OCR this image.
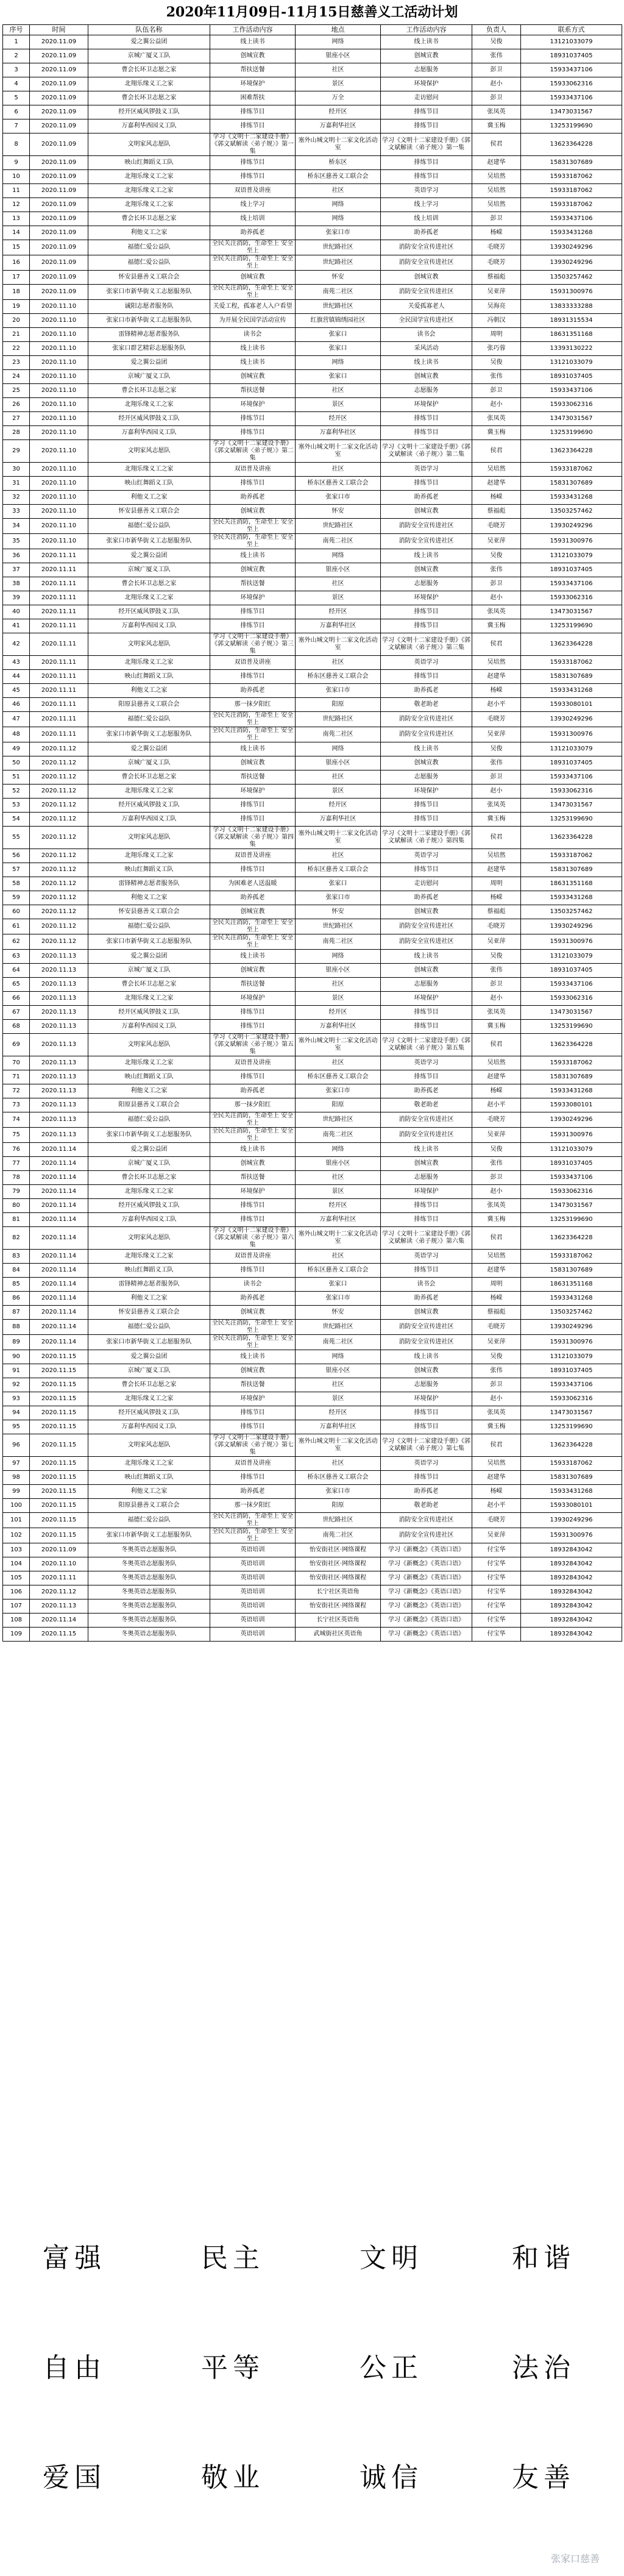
2020年11月09日-11月15日慈善义工活动计划
序号	时间	队伍名称	工作活动内容	地点	工作活动内容	负责人	联系方式
1	2020.11.09	爱之翼公益团	线上读书	网络	线上读书	吴俊	13121033079
2	2020.11.09	京城广厦义工队	创城宣教	银座小区	创城宣教	张伟	18931037405
3	2020.11.09	曹会长环卫志愿之家	帮扶送餐	社区	志愿服务	彭卫	15933437106
4	2020.11.09	北翔乐缘义工之家	环境保护	景区	环境保护	赵小	15933062316
5	2020.11.09	曹会长环卫志愿之家	困难帮扶	万全	走访慰问	彭卫	15933437106
6	2020.11.09	经开区威风锣鼓义工队	排练节目	经开区	排练节目	张凤英	13473031567
7	2020.11.09	万嘉利华西园义工队	排练节目	万嘉利华社区	排练节目	冀玉梅	13253199690
8	2020.11.09	文明家风志愿队	学习《文明十二家建设手册》《郭文斌解读〈弟子规〉》第一集	塞外山城文明十二家文化活动室	学习《文明十二家建设手册》《郭文斌解读〈弟子规〉》第一集	侯君	13623364228
9	2020.11.09	映山红舞蹈义工队	排练节目	桥东区	排练节目	赵建华	15831307689
10	2020.11.09	北翔乐缘义工之家	排练节目	桥东区慈善义工联合会	排练节目	吴培然	15933187062
11	2020.11.09	北翔乐缘义工之家	双语普及讲座	社区	英语学习	吴培然	15933187062
12	2020.11.09	北翔乐缘义工之家	线上学习	网络	线上学习	吴培然	15933187062
13	2020.11.09	曹会长环卫志愿之家	线上培训	网络	线上培训	彭卫	15933437106
14	2020.11.09	利他义工之家	助养孤老	张家口市	助养孤老	杨嵘	15933431268
15	2020.11.09	福德仁爱公益队	全民关注消防，生命至上 安全至上	世纪路社区	消防安全宣传进社区	毛晓芳	13930249296
16	2020.11.09	福德仁爱公益队	全民关注消防，生命至上 安全至上	世纪路社区	消防安全宣传进社区	毛晓芳	13930249296
17	2020.11.09	怀安县慈善义工联合会	创城宣教	怀安	创城宣教	蔡福彪	13503257462
18	2020.11.09	张家口市新华街义工志愿服务队	全民关注消防，生命至上 安全至上	南苑二社区	消防安全宣传进社区	吴亚萍	15931300976
19	2020.11.10	诚阳志愿者服务队	关爱工程，孤寡老人入户看望	世纪路社区	关爱孤寡老人	吴海亮	13833333288
20	2020.11.10	张家口市新华街义工志愿服务队	为开展全民国学活动宣传	红旗营镇锦绣园社区	全民国学宣传进社区	冯朝汉	18931315534
21	2020.11.10	雷锋精神志愿者服务队	读书会	张家口	读书会	周明	18631351168
22	2020.11.10	张家口群艺精彩志愿服务队	线上读书	张家口	采风活动	张巧蓉	13393130222
23	2020.11.10	爱之翼公益团	线上读书	网络	线上读书	吴俊	13121033079
24	2020.11.10	京城广厦义工队	创城宣教	张家口	创城宣教	张伟	18931037405
25	2020.11.10	曹会长环卫志愿之家	帮扶送餐	社区	志愿服务	彭卫	15933437106
26	2020.11.10	北翔乐缘义工之家	环境保护	景区	环境保护	赵小	15933062316
27	2020.11.10	经开区威风锣鼓义工队	排练节目	经开区	排练节目	张凤英	13473031567
28	2020.11.10	万嘉利华西园义工队	排练节目	万嘉利华社区	排练节目	冀玉梅	13253199690
29	2020.11.10	文明家风志愿队	学习《文明十二家建设手册》《郭文斌解读〈弟子规〉》第二集	塞外山城文明十二家文化活动室	学习《文明十二家建设手册》《郭文斌解读〈弟子规〉》第二集	侯君	13623364228
30	2020.11.10	北翔乐缘义工之家	双语普及讲座	社区	英语学习	吴培然	15933187062
31	2020.11.10	映山红舞蹈义工队	排练节目	桥东区慈善义工联合会	排练节目	赵建华	15831307689
32	2020.11.10	利他义工之家	助养孤老	张家口市	助养孤老	杨嵘	15933431268
33	2020.11.10	怀安县慈善义工联合会	创城宣教	怀安	创城宣教	蔡福彪	13503257462
34	2020.11.10	福德仁爱公益队	全民关注消防，生命至上 安全至上	世纪路社区	消防安全宣传进社区	毛晓芳	13930249296
35	2020.11.10	张家口市新华街义工志愿服务队	全民关注消防，生命至上 安全至上	南苑二社区	消防安全宣传进社区	吴亚萍	15931300976
36	2020.11.11	爱之翼公益团	线上读书	网络	线上读书	吴俊	13121033079
37	2020.11.11	京城广厦义工队	创城宣教	银座小区	创城宣教	张伟	18931037405
38	2020.11.11	曹会长环卫志愿之家	帮扶送餐	社区	志愿服务	彭卫	15933437106
39	2020.11.11	北翔乐缘义工之家	环境保护	景区	环境保护	赵小	15933062316
40	2020.11.11	经开区威风锣鼓义工队	排练节目	经开区	排练节目	张凤英	13473031567
41	2020.11.11	万嘉利华西园义工队	排练节目	万嘉利华社区	排练节目	冀玉梅	13253199690
42	2020.11.11	文明家风志愿队	学习《文明十二家建设手册》《郭文斌解读〈弟子规〉》第三集	塞外山城文明十二家文化活动室	学习《文明十二家建设手册》《郭文斌解读〈弟子规〉》第三集	侯君	13623364228
43	2020.11.11	北翔乐缘义工之家	双语普及讲座	社区	英语学习	吴培然	15933187062
44	2020.11.11	映山红舞蹈义工队	排练节目	桥东区慈善义工联合会	排练节目	赵建华	15831307689
45	2020.11.11	利他义工之家	助养孤老	张家口市	助养孤老	杨嵘	15933431268
46	2020.11.11	阳原县慈善义工联合会	那一抹夕阳红	阳原	敬老助老	赵小平	15933080101
47	2020.11.11	福德仁爱公益队	全民关注消防，生命至上 安全至上	世纪路社区	消防安全宣传进社区	毛晓芳	13930249296
48	2020.11.11	张家口市新华街义工志愿服务队	全民关注消防，生命至上 安全至上	南苑二社区	消防安全宣传进社区	吴亚萍	15931300976
49	2020.11.12	爱之翼公益团	线上读书	网络	线上读书	吴俊	13121033079
50	2020.11.12	京城广厦义工队	创城宣教	银座小区	创城宣教	张伟	18931037405
51	2020.11.12	曹会长环卫志愿之家	帮扶送餐	社区	志愿服务	彭卫	15933437106
52	2020.11.12	北翔乐缘义工之家	环境保护	景区	环境保护	赵小	15933062316
53	2020.11.12	经开区威风锣鼓义工队	排练节目	经开区	排练节目	张凤英	13473031567
54	2020.11.12	万嘉利华西园义工队	排练节目	万嘉利华社区	排练节目	冀玉梅	13253199690
55	2020.11.12	文明家风志愿队	学习《文明十二家建设手册》《郭文斌解读〈弟子规〉》第四集	塞外山城文明十二家文化活动室	学习《文明十二家建设手册》《郭文斌解读〈弟子规〉》第四集	侯君	13623364228
56	2020.11.12	北翔乐缘义工之家	双语普及讲座	社区	英语学习	吴培然	15933187062
57	2020.11.12	映山红舞蹈义工队	排练节目	桥东区慈善义工联合会	排练节目	赵建华	15831307689
58	2020.11.12	雷锋精神志愿者服务队	为困难老人送温暖	张家口	走访慰问	周明	18631351168
59	2020.11.12	利他义工之家	助养孤老	张家口市	助养孤老	杨嵘	15933431268
60	2020.11.12	怀安县慈善义工联合会	创城宣教	怀安	创城宣教	蔡福彪	13503257462
61	2020.11.12	福德仁爱公益队	全民关注消防，生命至上 安全至上	世纪路社区	消防安全宣传进社区	毛晓芳	13930249296
62	2020.11.12	张家口市新华街义工志愿服务队	全民关注消防，生命至上 安全至上	南苑二社区	消防安全宣传进社区	吴亚萍	15931300976
63	2020.11.13	爱之翼公益团	线上读书	网络	线上读书	吴俊	13121033079
64	2020.11.13	京城广厦义工队	创城宣教	银座小区	创城宣教	张伟	18931037405
65	2020.11.13	曹会长环卫志愿之家	帮扶送餐	社区	志愿服务	彭卫	15933437106
66	2020.11.13	北翔乐缘义工之家	环境保护	景区	环境保护	赵小	15933062316
67	2020.11.13	经开区威风锣鼓义工队	排练节目	经开区	排练节目	张凤英	13473031567
68	2020.11.13	万嘉利华西园义工队	排练节目	万嘉利华社区	排练节目	冀玉梅	13253199690
69	2020.11.13	文明家风志愿队	学习《文明十二家建设手册》《郭文斌解读〈弟子规〉》第五集	塞外山城文明十二家文化活动室	学习《文明十二家建设手册》《郭文斌解读〈弟子规〉》第五集	侯君	13623364228
70	2020.11.13	北翔乐缘义工之家	双语普及讲座	社区	英语学习	吴培然	15933187062
71	2020.11.13	映山红舞蹈义工队	排练节目	桥东区慈善义工联合会	排练节目	赵建华	15831307689
72	2020.11.13	利他义工之家	助养孤老	张家口市	助养孤老	杨嵘	15933431268
73	2020.11.13	阳原县慈善义工联合会	那一抹夕阳红	阳原	敬老助老	赵小平	15933080101
74	2020.11.13	福德仁爱公益队	全民关注消防，生命至上 安全至上	世纪路社区	消防安全宣传进社区	毛晓芳	13930249296
75	2020.11.13	张家口市新华街义工志愿服务队	全民关注消防，生命至上 安全至上	南苑二社区	消防安全宣传进社区	吴亚萍	15931300976
76	2020.11.14	爱之翼公益团	线上读书	网络	线上读书	吴俊	13121033079
77	2020.11.14	京城广厦义工队	创城宣教	银座小区	创城宣教	张伟	18931037405
78	2020.11.14	曹会长环卫志愿之家	帮扶送餐	社区	志愿服务	彭卫	15933437106
79	2020.11.14	北翔乐缘义工之家	环境保护	景区	环境保护	赵小	15933062316
80	2020.11.14	经开区威风锣鼓义工队	排练节目	经开区	排练节目	张凤英	13473031567
81	2020.11.14	万嘉利华西园义工队	排练节目	万嘉利华社区	排练节目	冀玉梅	13253199690
82	2020.11.14	文明家风志愿队	学习《文明十二家建设手册》《郭文斌解读〈弟子规〉》第六集	塞外山城文明十二家文化活动室	学习《文明十二家建设手册》《郭文斌解读〈弟子规〉》第六集	侯君	13623364228
83	2020.11.14	北翔乐缘义工之家	双语普及讲座	社区	英语学习	吴培然	15933187062
84	2020.11.14	映山红舞蹈义工队	排练节目	桥东区慈善义工联合会	排练节目	赵建华	15831307689
85	2020.11.14	雷锋精神志愿者服务队	读书会	张家口	读书会	周明	18631351168
86	2020.11.14	利他义工之家	助养孤老	张家口市	助养孤老	杨嵘	15933431268
87	2020.11.14	怀安县慈善义工联合会	创城宣教	怀安	创城宣教	蔡福彪	13503257462
88	2020.11.14	福德仁爱公益队	全民关注消防，生命至上 安全至上	世纪路社区	消防安全宣传进社区	毛晓芳	13930249296
89	2020.11.14	张家口市新华街义工志愿服务队	全民关注消防，生命至上 安全至上	南苑二社区	消防安全宣传进社区	吴亚萍	15931300976
90	2020.11.15	爱之翼公益团	线上读书	网络	线上读书	吴俊	13121033079
91	2020.11.15	京城广厦义工队	创城宣教	银座小区	创城宣教	张伟	18931037405
92	2020.11.15	曹会长环卫志愿之家	帮扶送餐	社区	志愿服务	彭卫	15933437106
93	2020.11.15	北翔乐缘义工之家	环境保护	景区	环境保护	赵小	15933062316
94	2020.11.15	经开区威风锣鼓义工队	排练节目	经开区	排练节目	张凤英	13473031567
95	2020.11.15	万嘉利华西园义工队	排练节目	万嘉利华社区	排练节目	冀玉梅	13253199690
96	2020.11.15	文明家风志愿队	学习《文明十二家建设手册》《郭文斌解读〈弟子规〉》第七集	塞外山城文明十二家文化活动室	学习《文明十二家建设手册》《郭文斌解读〈弟子规〉》第七集	侯君	13623364228
97	2020.11.15	北翔乐缘义工之家	双语普及讲座	社区	英语学习	吴培然	15933187062
98	2020.11.15	映山红舞蹈义工队	排练节目	桥东区慈善义工联合会	排练节目	赵建华	15831307689
99	2020.11.15	利他义工之家	助养孤老	张家口市	助养孤老	杨嵘	15933431268
100	2020.11.15	阳原县慈善义工联合会	那一抹夕阳红	阳原	敬老助老	赵小平	15933080101
101	2020.11.15	福德仁爱公益队	全民关注消防，生命至上 安全至上	世纪路社区	消防安全宣传进社区	毛晓芳	13930249296
102	2020.11.15	张家口市新华街义工志愿服务队	全民关注消防，生命至上 安全至上	南苑二社区	消防安全宣传进社区	吴亚萍	15931300976
103	2020.11.09	冬奥英语志愿服务队	英语培训	怡安街社区·网络课程	学习《新概念》《英语口语》	付宝华	18932843042
104	2020.11.10	冬奥英语志愿服务队	英语培训	怡安街社区·网络课程	学习《新概念》《英语口语》	付宝华	18932843042
105	2020.11.11	冬奥英语志愿服务队	英语培训	怡安街社区·网络课程	学习《新概念》《英语口语》	付宝华	18932843042
106	2020.11.12	冬奥英语志愿服务队	英语培训	长宁社区英语角	学习《新概念》《英语口语》	付宝华	18932843042
107	2020.11.13	冬奥英语志愿服务队	英语培训	怡安街社区·网络课程	学习《新概念》《英语口语》	付宝华	18932843042
108	2020.11.14	冬奥英语志愿服务队	英语培训	长宁社区英语角	学习《新概念》《英语口语》	付宝华	18932843042
109	2020.11.15	冬奥英语志愿服务队	英语培训	武城街社区英语角	学习《新概念》《英语口语》	付宝华	18932843042
富强	民主	文明	和谐
自由	平等	公正	法治
爱国	敬业	诚信	友善
张家口慈善
